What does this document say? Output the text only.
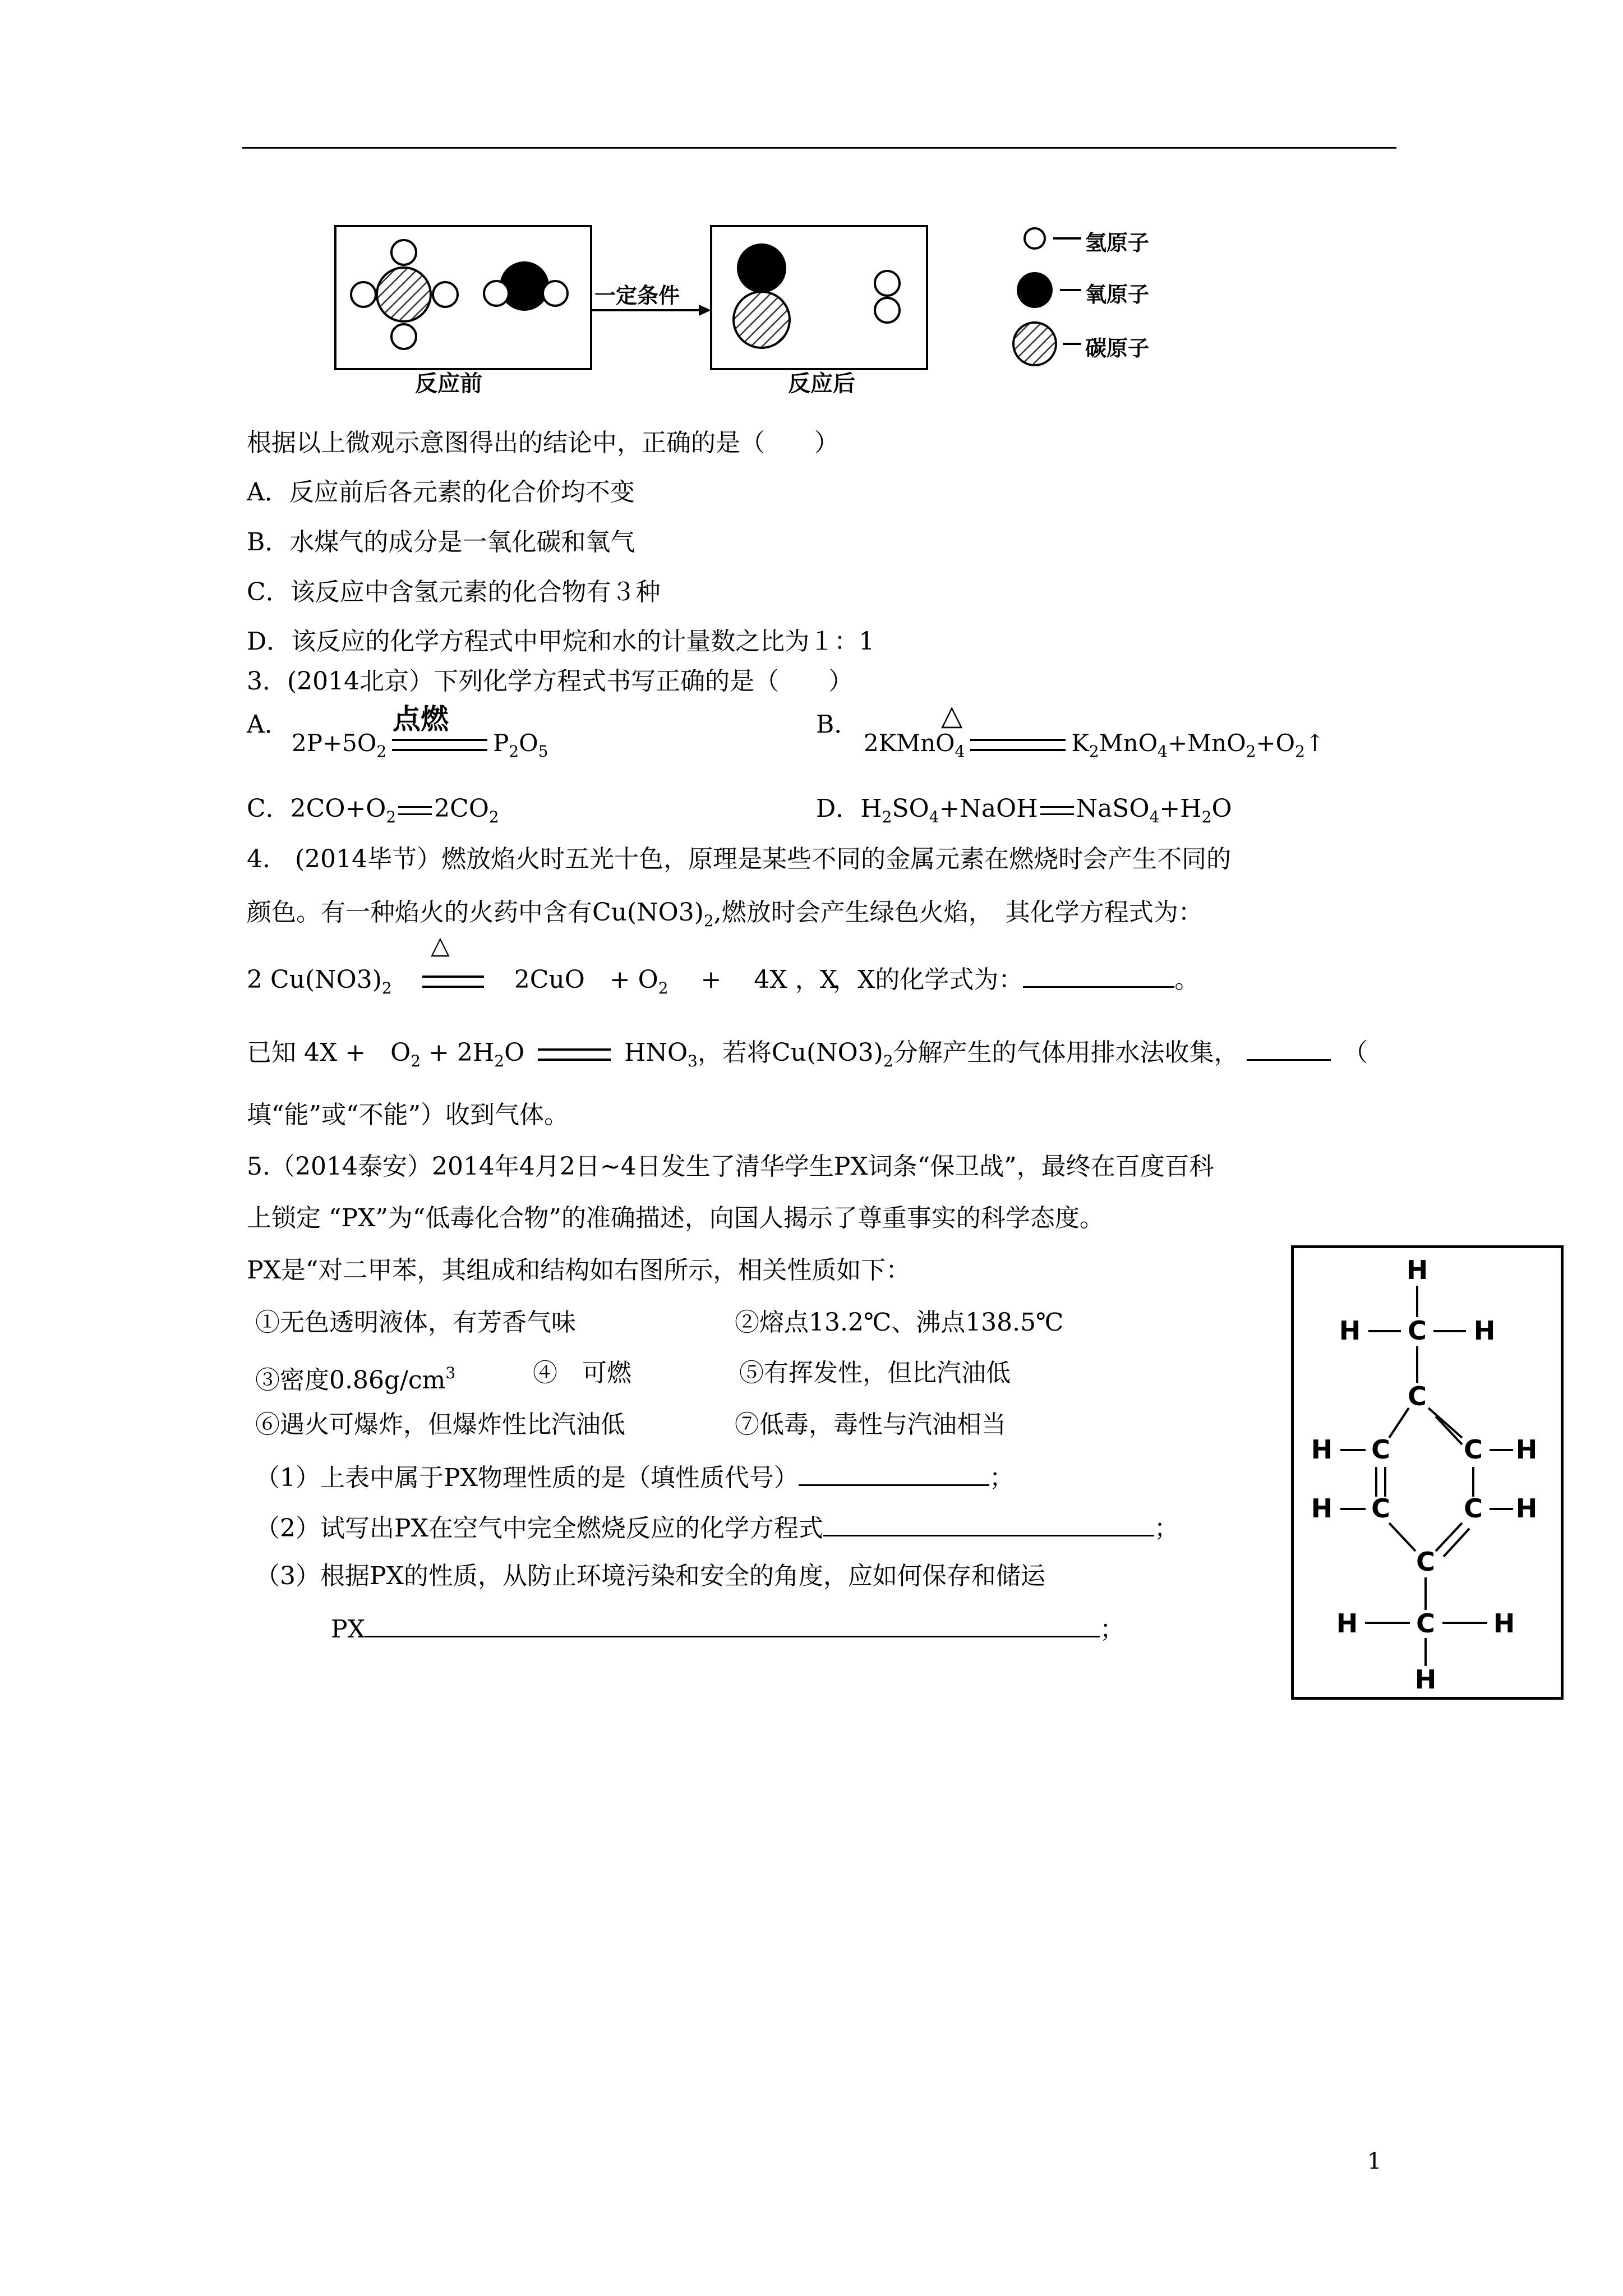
反应前	反应后
一定条件
氢原子
氧原子
碳原子
根据以上微观示意图得出的结论中，正确的是（　　）
A．反应前后各元素的化合价均不变
B．水煤气的成分是一氧化碳和氧气
C．该反应中含氢元素的化合物有３种
D．该反应的化学方程式中甲烷和水的计量数之比为１：1
3．(2014北京）下列化学方程式书写正确的是（　　）
A．	点燃
$2P+5O_2$	$P_2O_5$
B．	△
2KMnO$_4$	$K_2MnO_4+MnO_2+O_2↑$
C．$2CO+O_2$ $2CO_2$	D．$H_2SO_4+NaOH$ $NaSO_4+H_2O$
4.　(2014毕节）燃放焰火时五光十色，原理是某些不同的金属元素在燃烧时会产生不同的
颜色。有一种焰火的火药中含有$Cu(NO3)_2$,燃放时会产生绿色火焰，　其化学方程式为：
△
2 $Cu(NO3)_2$　	　2CuO　+ $O_2$　 +　 4X ，X，X的化学式为：	。
已知 4X +　$O_2 + 2H_2O$	$HNO_3$，若将$Cu(NO3)_2$分解产生的气体用排水法收集，	（
填“能”或“不能”）收到气体。
5.（2014泰安）2014年4月2日~4日发生了清华学生PX词条“保卫战”，最终在百度百科
上锁定 “PX”为“低毒化合物”的准确描述，向国人揭示了尊重事实的科学态度。
PX是“对二甲苯，其组成和结构如右图所示，相关性质如下：
①无色透明液体，有芳香气味	②熔点13.2℃、沸点138.5℃
③密度$0.86g/cm^3$	④　可燃	⑤有挥发性，但比汽油低
⑥遇火可爆炸，但爆炸性比汽油低	⑦低毒，毒性与汽油相当
（1）上表中属于PX物理性质的是（填性质代号）	；
（2）试写出PX在空气中完全燃烧反应的化学方程式	；
（3）根据PX的性质，从防止环境污染和安全的角度，应如何保存和储运
PX	；
H
H C H
C
H C	C H
H C	C H
C
H C H
H
1
